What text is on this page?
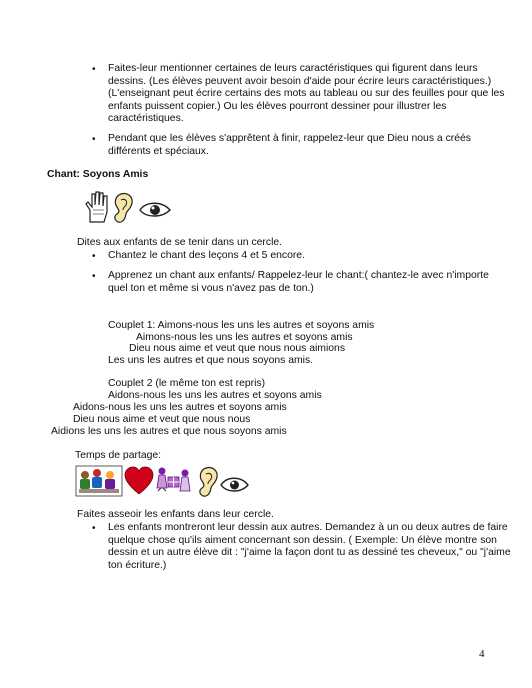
• Faites-leur mentionner certaines de leurs caractéristiques qui figurent dans leurs dessins. (Les élèves peuvent avoir besoin d'aide pour écrire leurs caractéristiques.)(L'enseignant peut écrire certains des mots au tableau ou sur des feuilles pour que les enfants puissent copier.) Ou les élèves pourront dessiner pour illustrer les caractéristiques.
• Pendant que les élèves s'apprêtent à finir, rappelez-leur que Dieu nous a créés différents et spéciaux.
Chant: Soyons Amis
Dites aux enfants de se tenir dans un cercle.
• Chantez le chant des leçons 4 et 5 encore.
• Apprenez un chant aux enfants/ Rappelez-leur le chant:( chantez-le avec n'importe quel ton et même si vous n'avez pas de ton.)
Couplet 1: Aimons-nous les uns les autres et soyons amis
Aimons-nous les uns les autres et soyons amis
Dieu nous aime et veut que nous nous aimions
Les uns les autres et que nous soyons amis.
Couplet 2 (le même ton est repris)
Aidons-nous les uns les autres et soyons amis
Aidons-nous les uns les autres et soyons amis
Dieu nous aime et veut que nous nous
Aidions les uns les autres et que nous soyons amis
Temps de partage:
Faites asseoir les enfants dans leur cercle.
• Les enfants montreront leur dessin aux autres. Demandez à un ou deux autres de faire quelque chose qu'ils aiment concernant son dessin. ( Exemple: Un élève montre son dessin et un autre élève dit : "j'aime la façon dont tu as dessiné tes cheveux," ou "j'aime ton écriture.)
4
